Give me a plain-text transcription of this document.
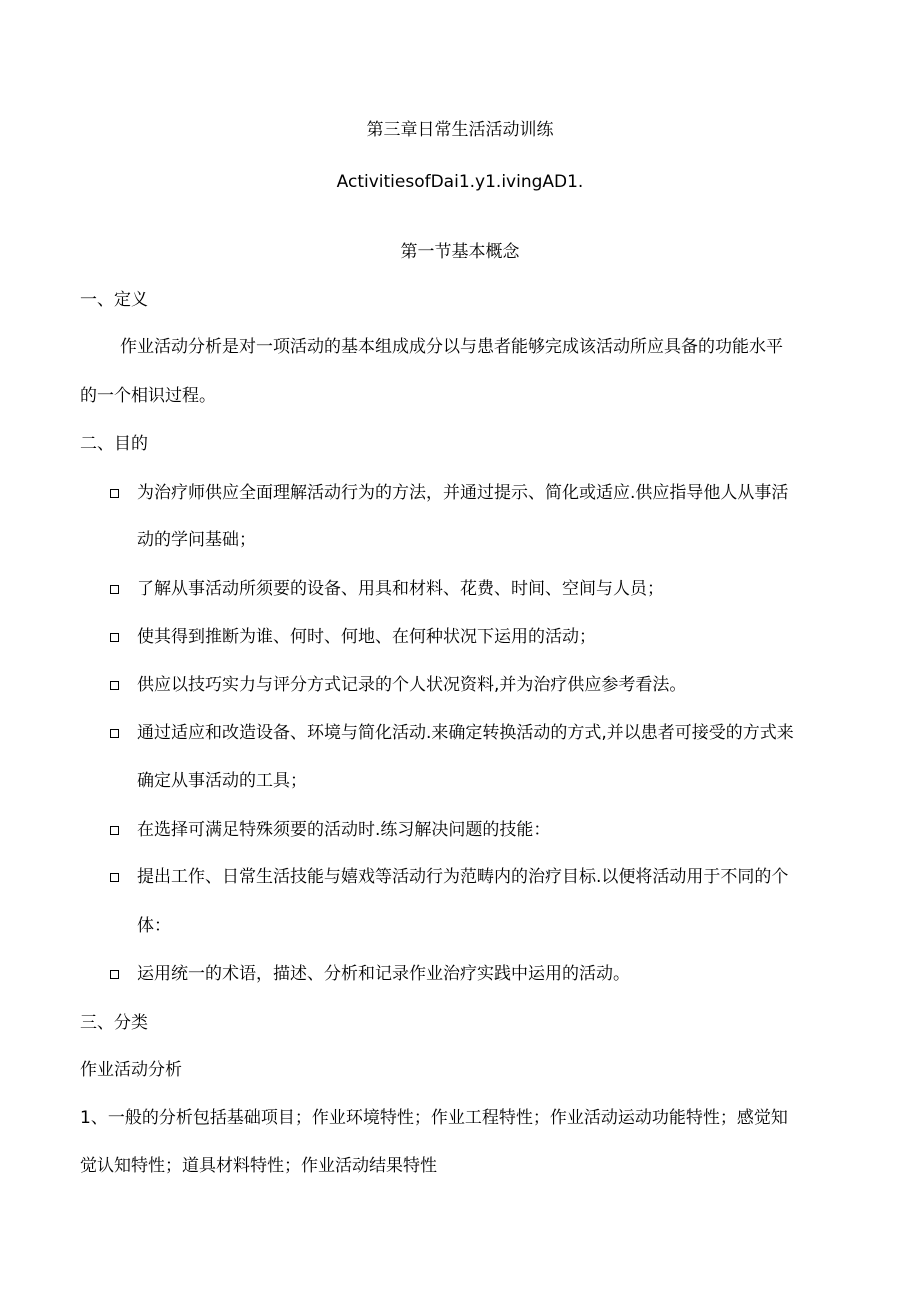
第三章日常生活活动训练
ActivitiesofDai1.y1.ivingAD1.
第一节基本概念
一、定义
作业活动分析是对一项活动的基本组成成分以与患者能够完成该活动所应具备的功能水平
的一个相识过程。
二、目的
为治疗师供应全面理解活动行为的方法，并通过提示、简化或适应.供应指导他人从事活
动的学问基础；
了解从事活动所须要的设备、用具和材料、花费、时间、空间与人员；
使其得到推断为谁、何时、何地、在何种状况下运用的活动；
供应以技巧实力与评分方式记录的个人状况资料,并为治疗供应参考看法。
通过适应和改造设备、环境与简化活动.来确定转换活动的方式,并以患者可接受的方式来
确定从事活动的工具；
在选择可满足特殊须要的活动时.练习解决问题的技能：
提出工作、日常生活技能与嬉戏等活动行为范畴内的治疗目标.以便将活动用于不同的个
体：
运用统一的术语，描述、分析和记录作业治疗实践中运用的活动。
三、分类
作业活动分析
1、一般的分析包括基础项目；作业环境特性；作业工程特性；作业活动运动功能特性；感觉知
觉认知特性；道具材料特性；作业活动结果特性
